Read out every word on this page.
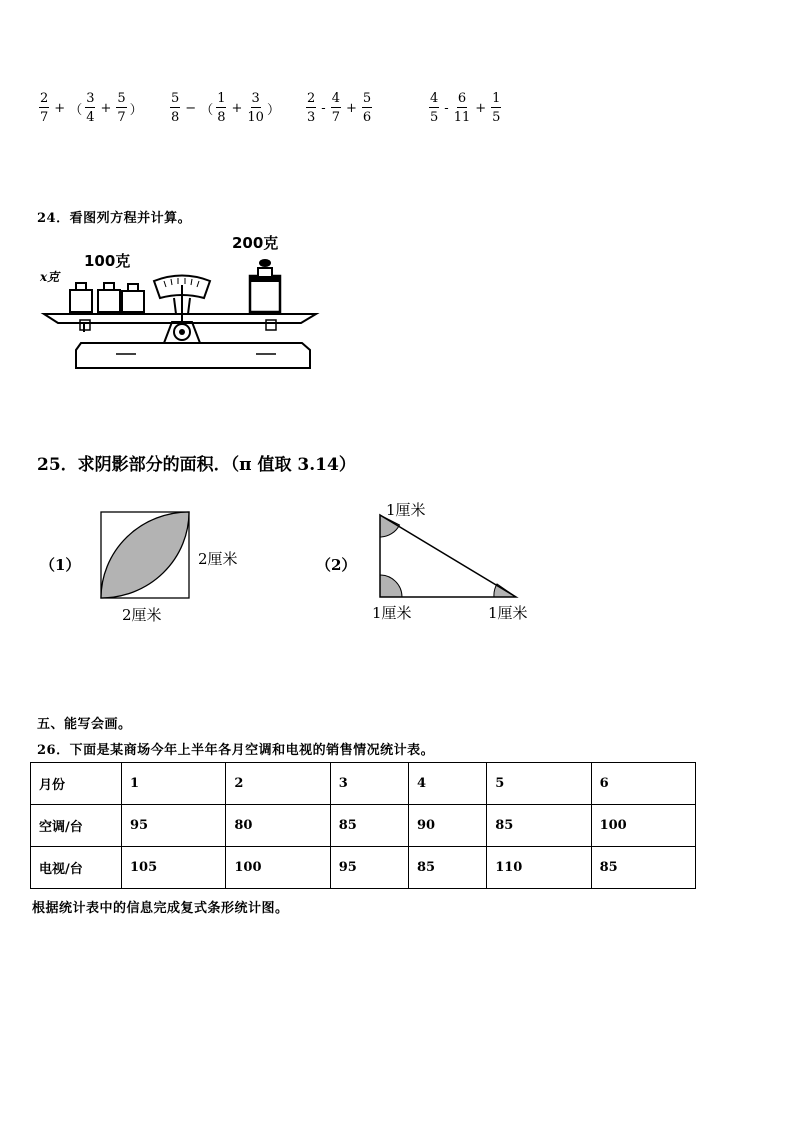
$\frac{2}{7}$ + （ $\frac{3}{4} + \frac{5}{7}$ ） $\frac{5}{8}$ − （ $\frac{1}{8} + \frac{3}{10}$ ） $\frac{2}{3} - \frac{4}{7} + \frac{5}{6}$	$\frac{4}{5} - \frac{6}{11} + \frac{1}{5}$
24．看图列方程并计算。
x克
100克
200克
25．求阴影部分的面积．（π 值取 3.14）
（1）	2厘米
2厘米
（2）
1厘米
1厘米	1厘米
五、能写会画。
26．下面是某商场今年上半年各月空调和电视的销售情况统计表。
月份	1	2	3	4	5	6
空调/台	95	80	85	90	85	100
电视/台	105	100	95	85	110	85
根据统计表中的信息完成复式条形统计图。
